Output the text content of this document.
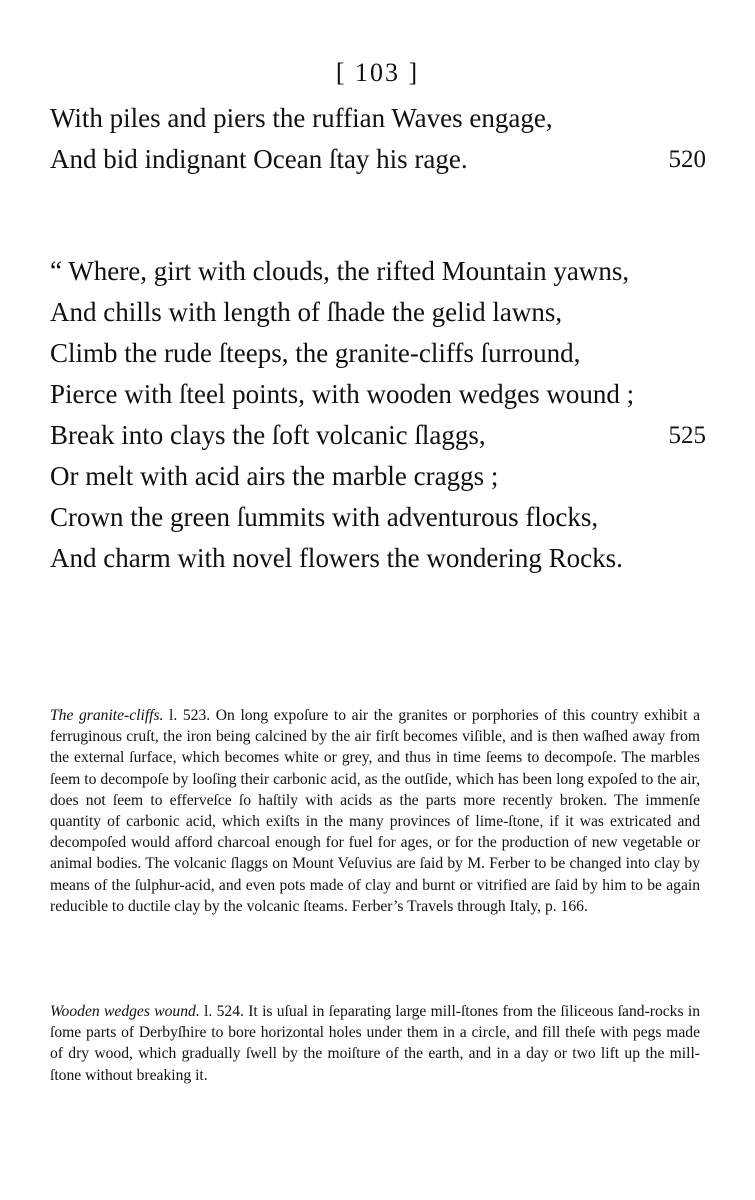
[ 103 ]
With piles and piers the ruffian Waves engage,
And bid indignant Ocean ſtay his rage.	520
“ Where, girt with clouds, the rifted Mountain yawns,
And chills with length of ſhade the gelid lawns,
Climb the rude ſteeps, the granite-cliffs ſurround,
Pierce with ſteel points, with wooden wedges wound ;
Break into clays the ſoft volcanic ſlaggs,	525
Or melt with acid airs the marble craggs ;
Crown the green ſummits with adventurous flocks,
And charm with novel flowers the wondering Rocks.
The granite-cliffs. l. 523. On long expoſure to air the granites or porphories of this country exhibit a ferruginous cruſt, the iron being calcined by the air firſt becomes viſible, and is then waſhed away from the external ſurface, which becomes white or grey, and thus in time ſeems to decompoſe. The marbles ſeem to decompoſe by looſing their carbonic acid, as the outſide, which has been long expoſed to the air, does not ſeem to effervеſce ſo haſtily with acids as the parts more recently broken. The immenſe quantity of carbonic acid, which exiſts in the many provinces of lime-ſtone, if it was extricated and decompoſed would afford charcoal enough for fuel for ages, or for the production of new vegetable or animal bodies. The volcanic ſlaggs on Mount Veſuvius are ſaid by M. Ferber to be changed into clay by means of the ſulphur-acid, and even pots made of clay and burnt or vitrified are ſaid by him to be again reducible to ductile clay by the volcanic ſteams. Ferber’s Travels through Italy, p. 166.
Wooden wedges wound. l. 524. It is uſual in ſeparating large mill-ſtones from the ſiliceous ſand-rocks in ſome parts of Derbyſhire to bore horizontal holes under them in a circle, and fill theſe with pegs made of dry wood, which gradually ſwell by the moiſture of the earth, and in a day or two lift up the mill-ſtone without breaking it.
